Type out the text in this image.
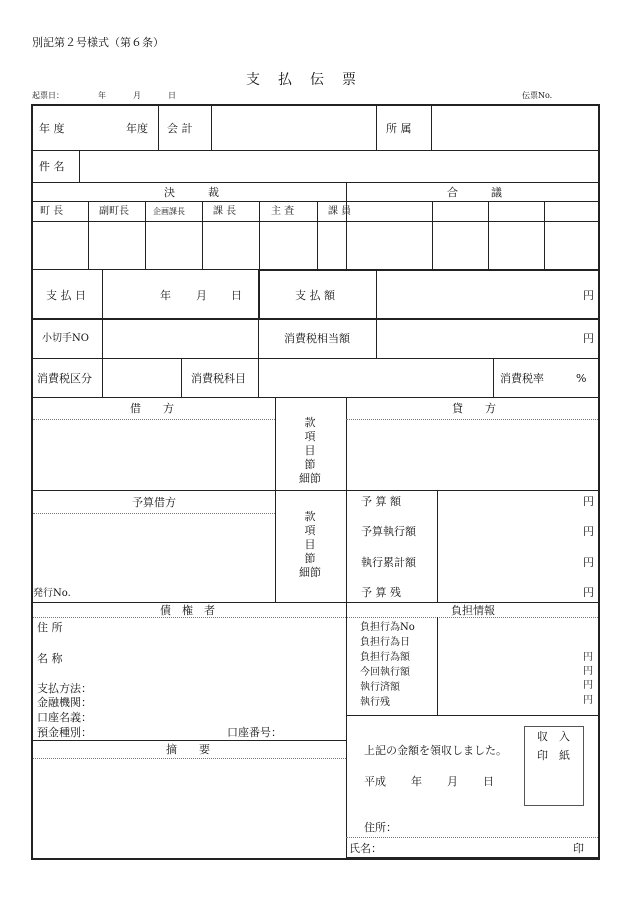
別記第２号様式（第６条）
支　払　伝　票
起票日：	年	月	日	伝票No.
年 度	年度 会 計	所 属
件 名
決　　　裁	合　　　議
町 長	副町長	企画課長	課 長	主 査	課 員
支 払 日	年 月 日	支 払 額	円
小切手NO	消費税相当額	円
消費税区分	消費税科目	消費税率	%
借　　方	貸　　方
款
項
目
節
細節
予算借方
款
項
目
節
細節
発行No.
予 算 額	円
予算執行額	円
執行累計額	円
予 算 残	円
債　権　者	負担情報
住 所
名 称
支払方法：
金融機関：
口座名義：
預金種別：	口座番号：
負担行為No
負担行為日
負担行為額	円
今回執行額	円
執行済額	円
執行残	円
摘　　要	上記の金額を領収しました。
平成 年 月 日
収　入
印　紙
住所：
氏名：	印
